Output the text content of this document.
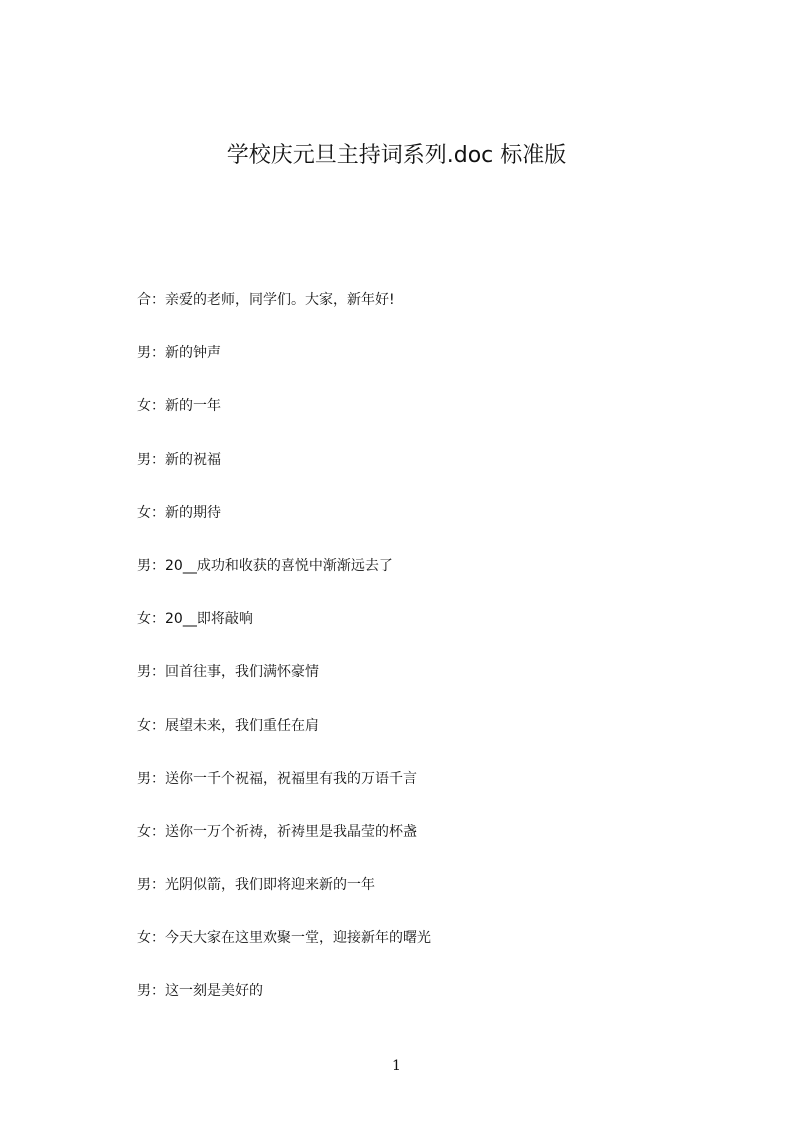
学校庆元旦主持词系列.doc 标准版
合：亲爱的老师，同学们。大家，新年好!
男：新的钟声
女：新的一年
男：新的祝福
女：新的期待
男：20__成功和收获的喜悦中渐渐远去了
女：20__即将敲响
男：回首往事，我们满怀豪情
女：展望未来，我们重任在肩
男：送你一千个祝福，祝福里有我的万语千言
女：送你一万个祈祷，祈祷里是我晶莹的杯盏
男：光阴似箭，我们即将迎来新的一年
女：今天大家在这里欢聚一堂，迎接新年的曙光
男：这一刻是美好的
1
